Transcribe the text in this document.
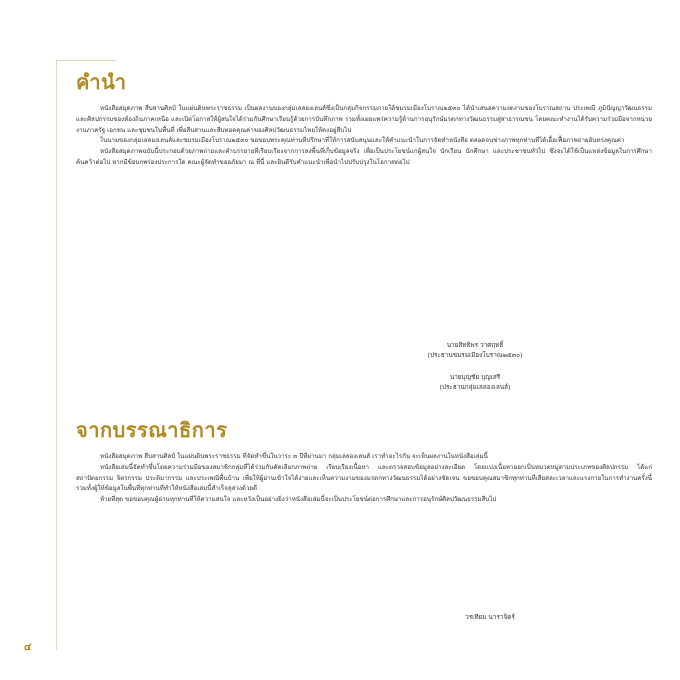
คำนำ

หนังสือสมุดภาพ สืบสานศิลป์ ในแผ่นดินพระราชธรรม เป็นผลงานของกลุ่มเลลองเลนส์ซึ่งเป็นกลุ่มกิจกรรมภายใต้ชมรมเมืองโบราณ๒๕๓๐ ได้นำเสนอความงดงามของโบราณสถาน ประเพณี ภูมิปัญญาวัฒนธรรมและศิลปกรรมของท้องถิ่นภาคเหนือ และเปิดโอกาสให้ผู้สนใจได้ร่วมกันศึกษาเรียนรู้ด้วยการบันทึกภาพ รวมทั้งเผยแพร่ความรู้ด้านการอนุรักษ์มรดกทางวัฒนธรรมสู่สาธารณชน โดยคณะทำงานได้รับความร่วมมือจากหน่วยงานภาครัฐ เอกชน และชุมชนในพื้นที่ เพื่อสืบสานและสืบทอดคุณค่าของศิลปวัฒนธรรมไทยให้คงอยู่สืบไป

ในนามของกลุ่มเลลองเลนส์และชมรมเมืองโบราณ๒๕๓๐ ขอขอบพระคุณท่านที่ปรึกษาที่ให้การสนับสนุนและให้คำแนะนำในการจัดทำหนังสือ ตลอดจนช่างภาพทุกท่านที่ได้เอื้อเฟื้อภาพถ่ายอันทรงคุณค่า

หนังสือสมุดภาพฉบับนี้ประกอบด้วยภาพถ่ายและคำบรรยายที่เรียบเรียงจากการลงพื้นที่เก็บข้อมูลจริง เพื่อเป็นประโยชน์แก่ผู้สนใจ นักเรียน นักศึกษา และประชาชนทั่วไป ซึ่งจะได้ใช้เป็นแหล่งข้อมูลในการศึกษาค้นคว้าต่อไป หากมีข้อบกพร่องประการใด คณะผู้จัดทำขออภัยมา ณ ที่นี้ และยินดีรับคำแนะนำเพื่อนำไปปรับปรุงในโอกาสต่อไป

นายสิทธิพร วาศฤทธิ์
(ประธานชมรมเมืองโบราณ๒๕๓๐)
นายบุญชัย บุญเสรี
(ประธานกลุ่มเลลองเลนส์)
จากบรรณาธิการ

หนังสือสมุดภาพ สืบสานศิลป์ ในแผ่นดินพระราชธรรม ที่จัดทำขึ้นในวาระ ๓ ปีที่ผ่านมา กลุ่มเลลองเลนส์ เราทำอะไรกัน จะเห็นผลงานในหนังสือเล่มนี้

หนังสือเล่มนี้จัดทำขึ้นโดยความร่วมมือของสมาชิกกลุ่มที่ได้ร่วมกันคัดเลือกภาพถ่าย เรียบเรียงเนื้อหา และตรวจสอบข้อมูลอย่างละเอียด โดยแบ่งเนื้อหาออกเป็นหมวดหมู่ตามประเภทของศิลปกรรม ได้แก่ สถาปัตยกรรม จิตรกรรม ประติมากรรม และประเพณีพื้นบ้าน เพื่อให้ผู้อ่านเข้าใจได้ง่ายและเห็นความงามของมรดกทางวัฒนธรรมได้อย่างชัดเจน ขอขอบคุณสมาชิกทุกท่านที่เสียสละเวลาและแรงกายในการทำงานครั้งนี้ รวมทั้งผู้ให้ข้อมูลในพื้นที่ทุกท่านที่ทำให้หนังสือเล่มนี้สำเร็จลุล่วงด้วยดี

ท้ายที่สุด ขอขอบคุณผู้อ่านทุกท่านที่ให้ความสนใจ และหวังเป็นอย่างยิ่งว่าหนังสือเล่มนี้จะเป็นประโยชน์ต่อการศึกษาและการอนุรักษ์ศิลปวัฒนธรรมสืบไป

วรเทียม นาราจิตร์
๔
